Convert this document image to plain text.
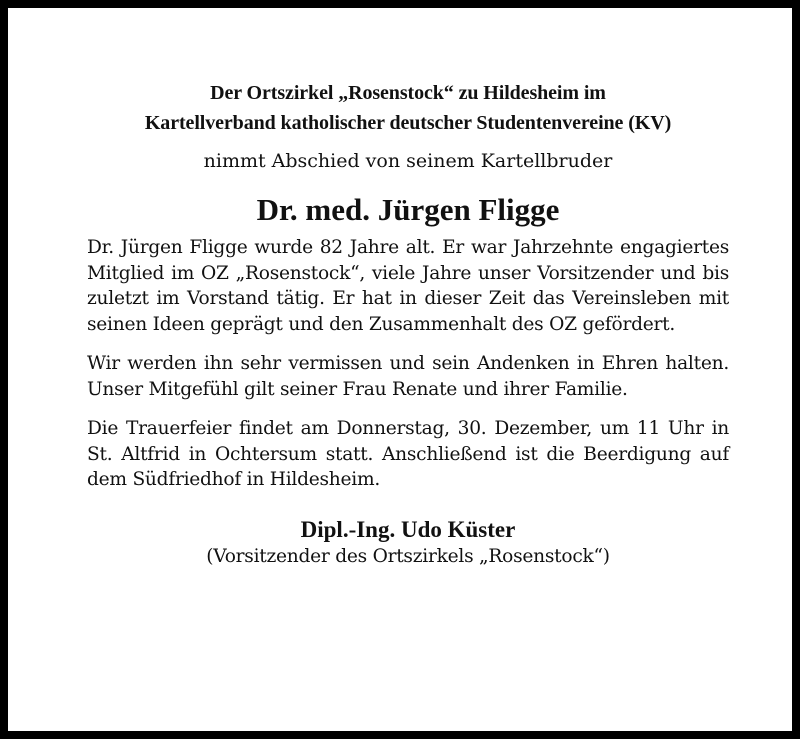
Der Ortszirkel „Rosenstock“ zu Hildesheim im
Kartellverband katholischer deutscher Studentenvereine (KV)
nimmt Abschied von seinem Kartellbruder
Dr. med. Jürgen Fligge

Dr. Jürgen Fligge wurde 82 Jahre alt. Er war Jahrzehnte engagiertes Mitglied im OZ „Rosenstock“, viele Jahre unser Vorsitzender und bis zuletzt im Vorstand tätig. Er hat in dieser Zeit das Vereinsleben mit seinen Ideen geprägt und den Zusammenhalt des OZ gefördert.

Wir werden ihn sehr vermissen und sein Andenken in Ehren halten. Unser Mitgefühl gilt seiner Frau Renate und ihrer Familie.

Die Trauerfeier findet am Donnerstag, 30. Dezember, um 11 Uhr in St. Altfrid in Ochtersum statt. Anschließend ist die Beerdigung auf dem Südfriedhof in Hildesheim.

Dipl.-Ing. Udo Küster
(Vorsitzender des Ortszirkels „Rosenstock“)
